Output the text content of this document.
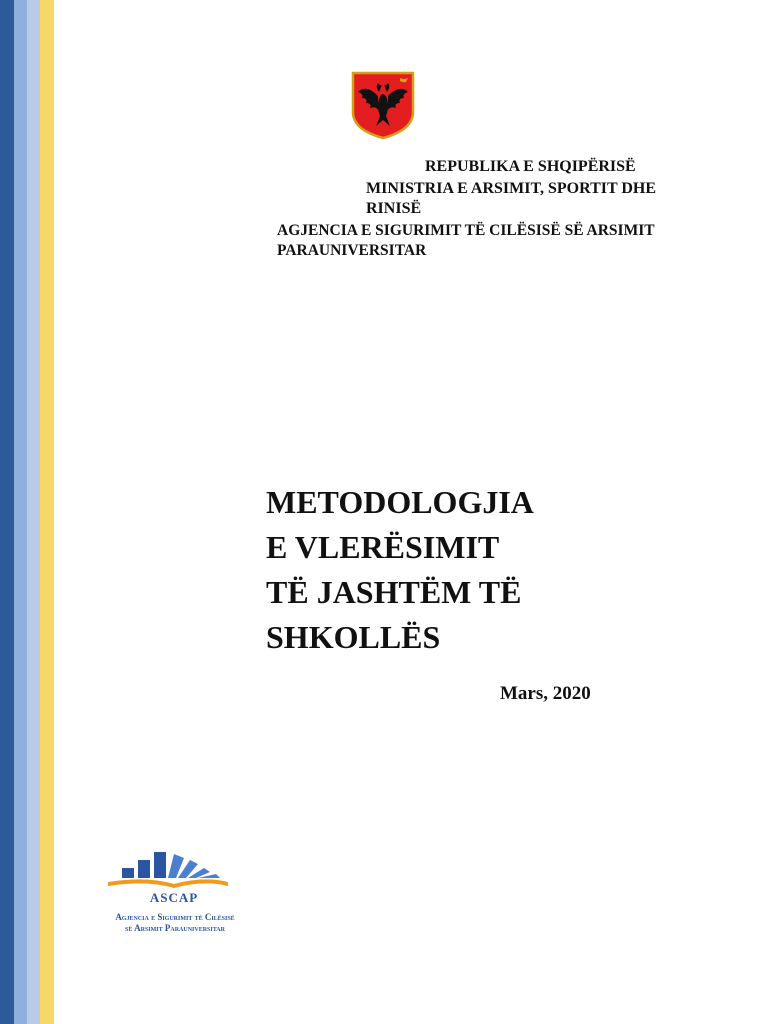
REPUBLIKA E SHQIPËRISË
MINISTRIA E ARSIMIT, SPORTIT DHE RINISË
AGJENCIA E SIGURIMIT TË CILËSISË SË ARSIMIT PARAUNIVERSITAR
METODOLOGJIA
E VLERËSIMIT
TË JASHTËM TË
SHKOLLËS
Mars, 2020
ASCAP
Agjencia e Sigurimit të Cilësisë
së Arsimit Parauniversitar
